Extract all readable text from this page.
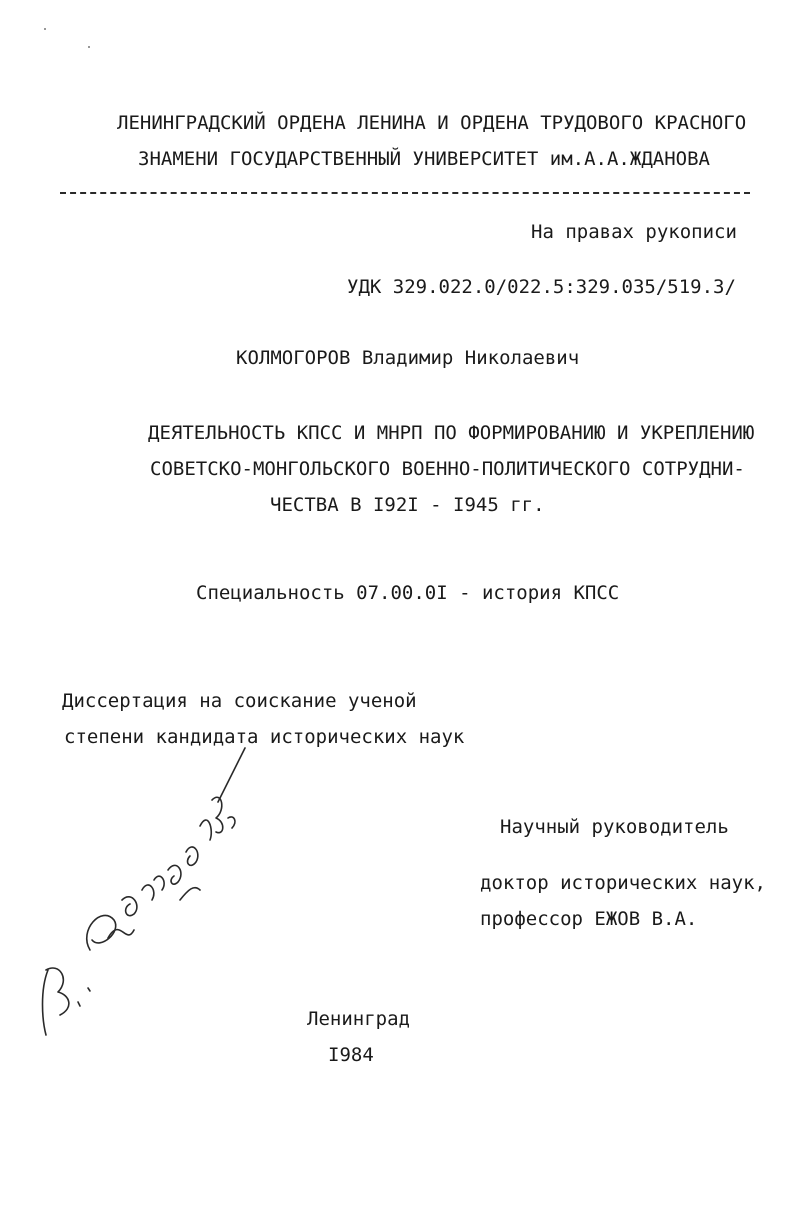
ЛЕНИНГРАДСКИЙ ОРДЕНА ЛЕНИНА И ОРДЕНА ТРУДОВОГО КРАСНОГО
ЗНАМЕНИ ГОСУДАРСТВЕННЫЙ УНИВЕРСИТЕТ им.А.А.ЖДАНОВА
На правах рукописи
УДК 329.022.0/022.5:329.035/519.3/
КОЛМОГОРОВ Владимир Николаевич
ДЕЯТЕЛЬНОСТЬ КПСС И МНРП ПО ФОРМИРОВАНИЮ И УКРЕПЛЕНИЮ
СОВЕТСКО-МОНГОЛЬСКОГО ВОЕННО-ПОЛИТИЧЕСКОГО СОТРУДНИ-
ЧЕСТВА В I92I - I945 гг.
Специальность 07.00.0I - история КПСС
Диссертация на соискание ученой
степени кандидата исторических наук
Научный руководитель
доктор исторических наук,
профессор ЕЖОВ В.А.
Ленинград
I984
